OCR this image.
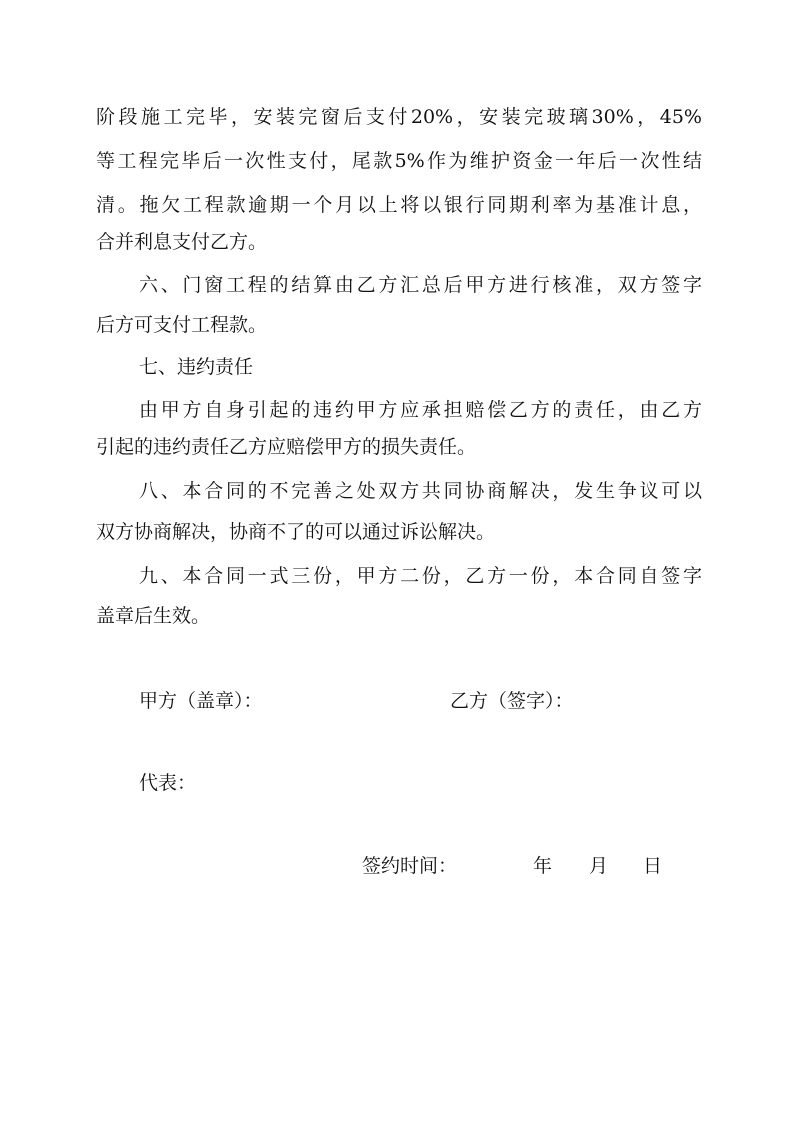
阶段施工完毕，安装完窗后支付20%，安装完玻璃30%，45%
等工程完毕后一次性支付，尾款5%作为维护资金一年后一次性结
清。拖欠工程款逾期一个月以上将以银行同期利率为基准计息，
合并利息支付乙方。
六、门窗工程的结算由乙方汇总后甲方进行核准，双方签字
后方可支付工程款。
七、违约责任
由甲方自身引起的违约甲方应承担赔偿乙方的责任，由乙方
引起的违约责任乙方应赔偿甲方的损失责任。
八、本合同的不完善之处双方共同协商解决，发生争议可以
双方协商解决，协商不了的可以通过诉讼解决。
九、本合同一式三份，甲方二份，乙方一份，本合同自签字
盖章后生效。
甲方（盖章）：	乙方（签字）：
代表：
签约时间：	年 月 日
